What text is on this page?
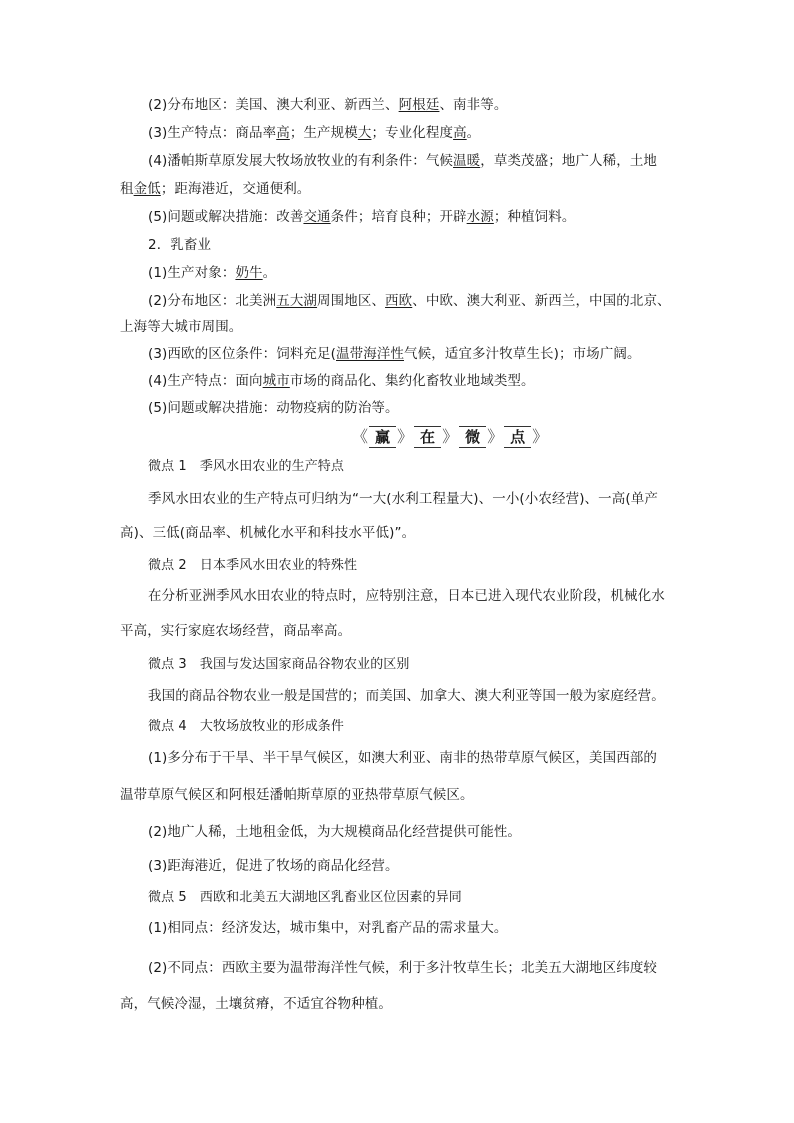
(2)分布地区：美国、澳大利亚、新西兰、阿根廷、南非等。
(3)生产特点：商品率高；生产规模大；专业化程度高。
(4)潘帕斯草原发展大牧场放牧业的有利条件：气候温暖，草类茂盛；地广人稀，土地
租金低；距海港近，交通便利。
(5)问题或解决措施：改善交通条件；培育良种；开辟水源；种植饲料。
2．乳畜业
(1)生产对象：奶牛。
(2)分布地区：北美洲五大湖周围地区、西欧、中欧、澳大利亚、新西兰，中国的北京、
上海等大城市周围。
(3)西欧的区位条件：饲料充足(温带海洋性气候，适宜多汁牧草生长)；市场广阔。
(4)生产特点：面向城市市场的商品化、集约化畜牧业地域类型。
(5)问题或解决措施：动物疫病的防治等。
《 赢 》 在 》 微 》 点 》
微点 1　季风水田农业的生产特点
季风水田农业的生产特点可归纳为“一大(水利工程量大)、一小(小农经营)、一高(单产
高)、三低(商品率、机械化水平和科技水平低)”。
微点 2　日本季风水田农业的特殊性
在分析亚洲季风水田农业的特点时，应特别注意，日本已进入现代农业阶段，机械化水
平高，实行家庭农场经营，商品率高。
微点 3　我国与发达国家商品谷物农业的区别
我国的商品谷物农业一般是国营的；而美国、加拿大、澳大利亚等国一般为家庭经营。
微点 4　大牧场放牧业的形成条件
(1)多分布于干旱、半干旱气候区，如澳大利亚、南非的热带草原气候区，美国西部的
温带草原气候区和阿根廷潘帕斯草原的亚热带草原气候区。
(2)地广人稀，土地租金低，为大规模商品化经营提供可能性。
(3)距海港近，促进了牧场的商品化经营。
微点 5　西欧和北美五大湖地区乳畜业区位因素的异同
(1)相同点：经济发达，城市集中，对乳畜产品的需求量大。
(2)不同点：西欧主要为温带海洋性气候，利于多汁牧草生长；北美五大湖地区纬度较
高，气候冷湿，土壤贫瘠，不适宜谷物种植。
